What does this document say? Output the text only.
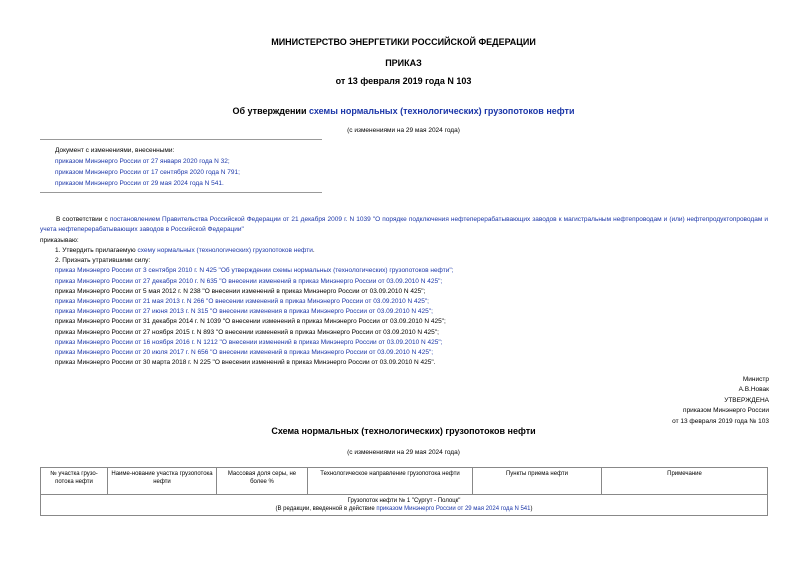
МИНИСТЕРСТВО ЭНЕРГЕТИКИ РОССИЙСКОЙ ФЕДЕРАЦИИ
ПРИКАЗ
от 13 февраля 2019 года N 103
Об утверждении схемы нормальных (технологических) грузопотоков нефти
(с изменениями на 29 мая 2024 года)
Документ с изменениями, внесенными:
приказом Минэнерго России от 27 января 2020 года N 32;
приказом Минэнерго России от 17 сентября 2020 года N 791;
приказом Минэнерго России от 29 мая 2024 года N 541.
В соответствии с постановлением Правительства Российской Федерации от 21 декабря 2009 г. N 1039 "О порядке подключения нефтеперерабатывающих заводов к магистральным нефтепроводам и (или) нефтепродуктопроводам и учета нефтеперерабатывающих заводов в Российской Федерации"
приказываю:
1. Утвердить прилагаемую схему нормальных (технологических) грузопотоков нефти.
2. Признать утратившими силу:
приказ Минэнерго России от 3 сентября 2010 г. N 425 "Об утверждении схемы нормальных (технологических) грузопотоков нефти";
приказ Минэнерго России от 27 декабря 2010 г. N 635 "О внесении изменений в приказ Минэнерго России от 03.09.2010 N 425";
приказ Минэнерго России от 5 мая 2012 г. N 238 "О внесении изменений в приказ Минэнерго России от 03.09.2010 N 425";
приказ Минэнерго России от 21 мая 2013 г. N 266 "О внесении изменений в приказ Минэнерго России от 03.09.2010 N 425";
приказ Минэнерго России от 27 июня 2013 г. N 315 "О внесении изменения в приказ Минэнерго России от 03.09.2010 N 425";
приказ Минэнерго России от 31 декабря 2014 г. N 1039 "О внесении изменений в приказ Минэнерго России от 03.09.2010 N 425";
приказ Минэнерго России от 27 ноября 2015 г. N 893 "О внесении изменений в приказ Минэнерго России от 03.09.2010 N 425";
приказ Минэнерго России от 16 ноября 2016 г. N 1212 "О внесении изменений в приказ Минэнерго России от 03.09.2010 N 425";
приказ Минэнерго России от 20 июля 2017 г. N 656 "О внесении изменений в приказ Минэнерго России от 03.09.2010 N 425";
приказ Минэнерго России от 30 марта 2018 г. N 225 "О внесении изменений в приказ Минэнерго России от 03.09.2010 N 425".
Министр
А.В.Новак
УТВЕРЖДЕНА
приказом Минэнерго России
от 13 февраля 2019 года № 103
Схема нормальных (технологических) грузопотоков нефти
(с изменениями на 29 мая 2024 года)
№ участка грузо-потока нефти	Наиме-нование участка грузопотока нефти	Массовая доля серы, не более %	Технологическое направление грузопотока нефти	Пункты приема нефти	Примечание

Грузопоток нефти № 1 "Сургут - Полоцк"
(В редакции, введенной в действие приказом Минэнерго России от 29 мая 2024 года N 541)
